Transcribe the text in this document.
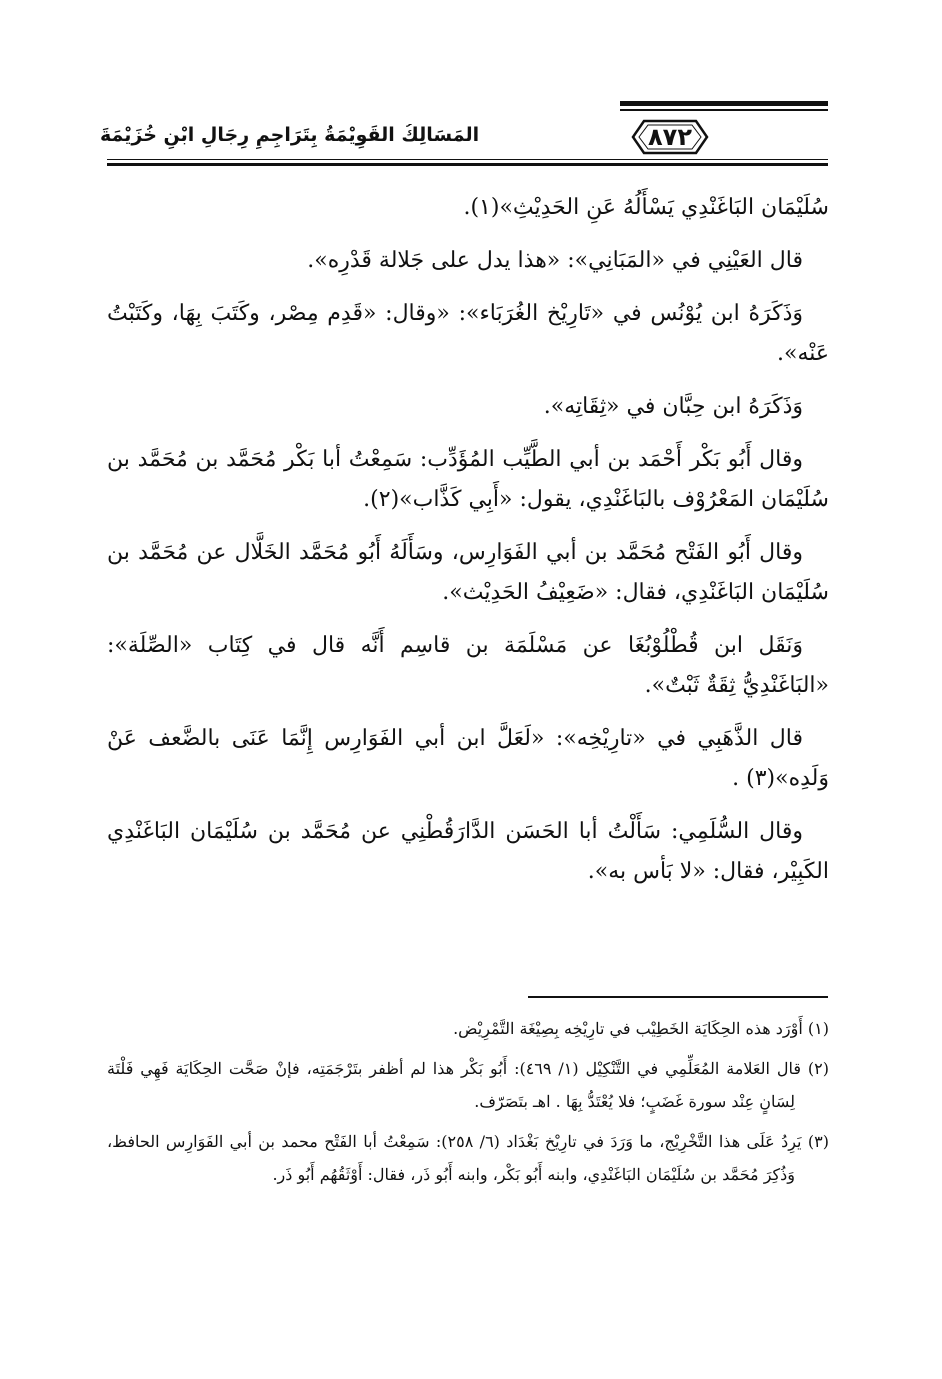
٨٧٢
المَسَالِكُ القَوِيْمَةُ بِتَرَاجِمِ رِجَالِ ابْنِ خُزَيْمَةَ

سُلَيْمَان البَاغَنْدِي يَسْأَلُهُ عَنِ الحَدِيْثِ»(١).

قال العَيْنِي في «المَبَانِي»: «هذا يدل على جَلالة قَدْرِه».

وَذَكَرَهُ ابن يُوْنُس في «تَارِيْخ الغُرَبَاء»: «وقال: «قَدِم مِصْر، وكَتَبَ بِهَا، وكَتَبْتُ عَنْه».

وَذَكَرَهُ ابن حِبَّان في «ثِقَاتِه».

وقال أَبُو بَكْر أَحْمَد بن أبي الطَّيِّب المُؤَدِّب: سَمِعْتُ أبا بَكْر مُحَمَّد بن مُحَمَّد بن سُلَيْمَان المَعْرُوْف بالبَاغَنْدِي، يقول: «أَبِي كَذَّاب»(٢).

وقال أَبُو الفَتْح مُحَمَّد بن أبي الفَوَارِس، وسَأَلَهُ أَبُو مُحَمَّد الخَلَّال عن مُحَمَّد بن سُلَيْمَان البَاغَنْدِي، فقال: «ضَعِيْفُ الحَدِيْث».

وَنَقَل ابن قُطْلُوْبُغَا عن مَسْلَمَة بن قاسِم أَنَّه قال في كِتَاب «الصِّلَة»: «البَاغَنْدِيُّ ثِقَةٌ ثَبْتٌ».

قال الذَّهَبِي في «تارِيْخِه»: «لَعَلَّ ابن أبي الفَوَارِس إِنَّمَا عَنَى بالضَّعف عَنْ وَلَدِه»(٣) .

وقال السُّلَمِي: سَأَلْتُ أبا الحَسَن الدَّارَقُطْنِي عن مُحَمَّد بن سُلَيْمَان البَاغَنْدِي الكَبِيْر، فقال: «لا بَأس به».

(١) أَوْرَد هذه الحِكَايَة الخَطِيْب في تارِيْخِه بِصِيْغَة التَّمْرِيْض.

(٢) قال العَلامة المُعَلِّمِي في التَّنْكِيْل (١/ ٤٦٩): أَبُو بَكْر هذا لم أظفر بتَرْجَمَتِه، فإنْ صَحَّت الحِكَايَة فَهِي فَلْتَة لِسَانٍ عِنْد سورة غَضَبٍ؛ فلا يُعْتَدُّ بِهَا . اهـ بتَصَرّف.

(٣) يَرِدُ عَلَى هذا التَّخْرِيْج، ما وَرَدَ في تارِيْخ بَغْدَاد (٦/ ٢٥٨): سَمِعْتُ أبا الفَتْح محمد بن أبي الفَوَارِس الحافظ، وَذُكِرَ مُحَمَّد بن سُلَيْمَان البَاغَنْدِي، وابنه أَبُو بَكْر، وابنه أَبُو ذَر، فقال: أَوْثَقُهُم أَبُو ذَر.
